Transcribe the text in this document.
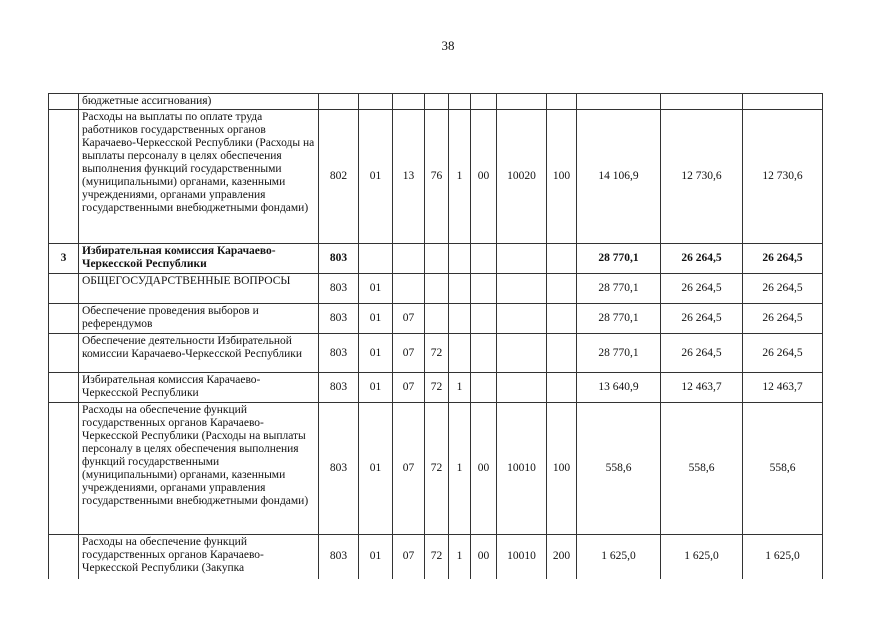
38
	бюджетные ассигнования)											
	Расходы на выплаты по оплате труда работников государственных органов Карачаево-Черкесской Республики (Расходы на выплаты персоналу в целях обеспечения выполнения функций государственными (муниципальными) органами, казенными учреждениями, органами управления государственными внебюджетными фондами)	802	01	13	76	1	00	10020	100	14 106,9	12 730,6	12 730,6
3	Избирательная комиссия Карачаево-Черкесской Республики	803								28 770,1	26 264,5	26 264,5
	ОБЩЕГОСУДАРСТВЕННЫЕ ВОПРОСЫ	803	01							28 770,1	26 264,5	26 264,5
	Обеспечение проведения выборов и референдумов	803	01	07						28 770,1	26 264,5	26 264,5
	Обеспечение деятельности Избирательной комиссии Карачаево-Черкесской Республики	803	01	07	72					28 770,1	26 264,5	26 264,5
	Избирательная комиссия Карачаево-Черкесской Республики	803	01	07	72	1				13 640,9	12 463,7	12 463,7
	Расходы на обеспечение функций государственных органов Карачаево-Черкесской Республики (Расходы на выплаты персоналу в целях обеспечения выполнения функций государственными (муниципальными) органами, казенными учреждениями, органами управления государственными внебюджетными фондами)	803	01	07	72	1	00	10010	100	558,6	558,6	558,6
	Расходы на обеспечение функций государственных органов Карачаево-Черкесской Республики (Закупка	803	01	07	72	1	00	10010	200	1 625,0	1 625,0	1 625,0
